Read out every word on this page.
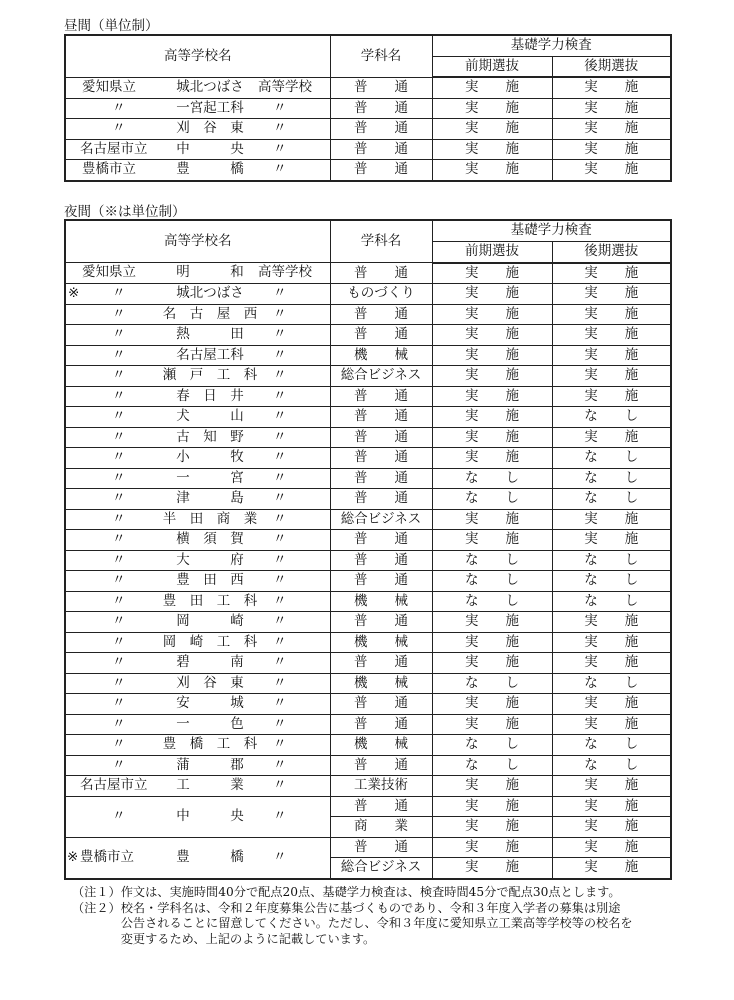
昼間（単位制）
高等学校名	学科名	基礎学力検査	
		前期選抜	後期選抜

愛知県立 城北つばさ 高等学校	普　　通	実　　施	実　　施

〃 一宮起工科 〃	普　　通	実　　施	実　　施

〃 刈　谷　東 〃	普　　通	実　　施	実　　施

名古屋市立 中　　　央 〃	普　　通	実　　施	実　　施

豊橋市立 豊　　　橋 〃	普　　通	実　　施	実　　施
夜間（※は単位制）
高等学校名	学科名	基礎学力検査	
		前期選抜	後期選抜

愛知県立 明　　　和 高等学校	普　　通	実　　施	実　　施

※ 〃 城北つばさ 〃	ものづくり	実　　施	実　　施

〃 名　古　屋　西 〃	普　　通	実　　施	実　　施

〃 熱　　　田 〃	普　　通	実　　施	実　　施

〃 名古屋工科 〃	機　　械	実　　施	実　　施

〃 瀬　戸　工　科 〃	総合ビジネス	実　　施	実　　施

〃 春　日　井 〃	普　　通	実　　施	実　　施

〃 犬　　　山 〃	普　　通	実　　施	な　　し

〃 古　知　野 〃	普　　通	実　　施	実　　施

〃 小　　　牧 〃	普　　通	実　　施	な　　し

〃 一　　　宮 〃	普　　通	な　　し	な　　し

〃 津　　　島 〃	普　　通	な　　し	な　　し

〃 半　田　商　業 〃	総合ビジネス	実　　施	実　　施

〃 横　須　賀 〃	普　　通	実　　施	実　　施

〃 大　　　府 〃	普　　通	な　　し	な　　し

〃 豊　田　西 〃	普　　通	な　　し	な　　し

〃 豊　田　工　科 〃	機　　械	な　　し	な　　し

〃 岡　　　崎 〃	普　　通	実　　施	実　　施

〃 岡　崎　工　科 〃	機　　械	実　　施	実　　施

〃 碧　　　南 〃	普　　通	実　　施	実　　施

〃 刈　谷　東 〃	機　　械	な　　し	な　　し

〃 安　　　城 〃	普　　通	実　　施	実　　施

〃 一　　　色 〃	普　　通	実　　施	実　　施

〃 豊　橋　工　科 〃	機　　械	な　　し	な　　し

〃 蒲　　　郡 〃	普　　通	な　　し	な　　し

名古屋市立 工　　　業 〃	工業技術	実　　施	実　　施

〃 中　　　央 〃	普　　通	実　　施	実　　施
	商　　業	実　　施	実　　施

※ 豊橋市立 豊　　　橋 〃	普　　通	実　　施	実　　施
	総合ビジネス	実　　施	実　　施
（注１）作文は、実施時間40分で配点20点、基礎学力検査は、検査時間45分で配点30点とします。
（注２）校名・学科名は、令和２年度募集公告に基づくものであり、令和３年度入学者の募集は別途
　　　　公告されることに留意してください。ただし、令和３年度に愛知県立工業高等学校等の校名を
　　　　変更するため、上記のように記載しています。
